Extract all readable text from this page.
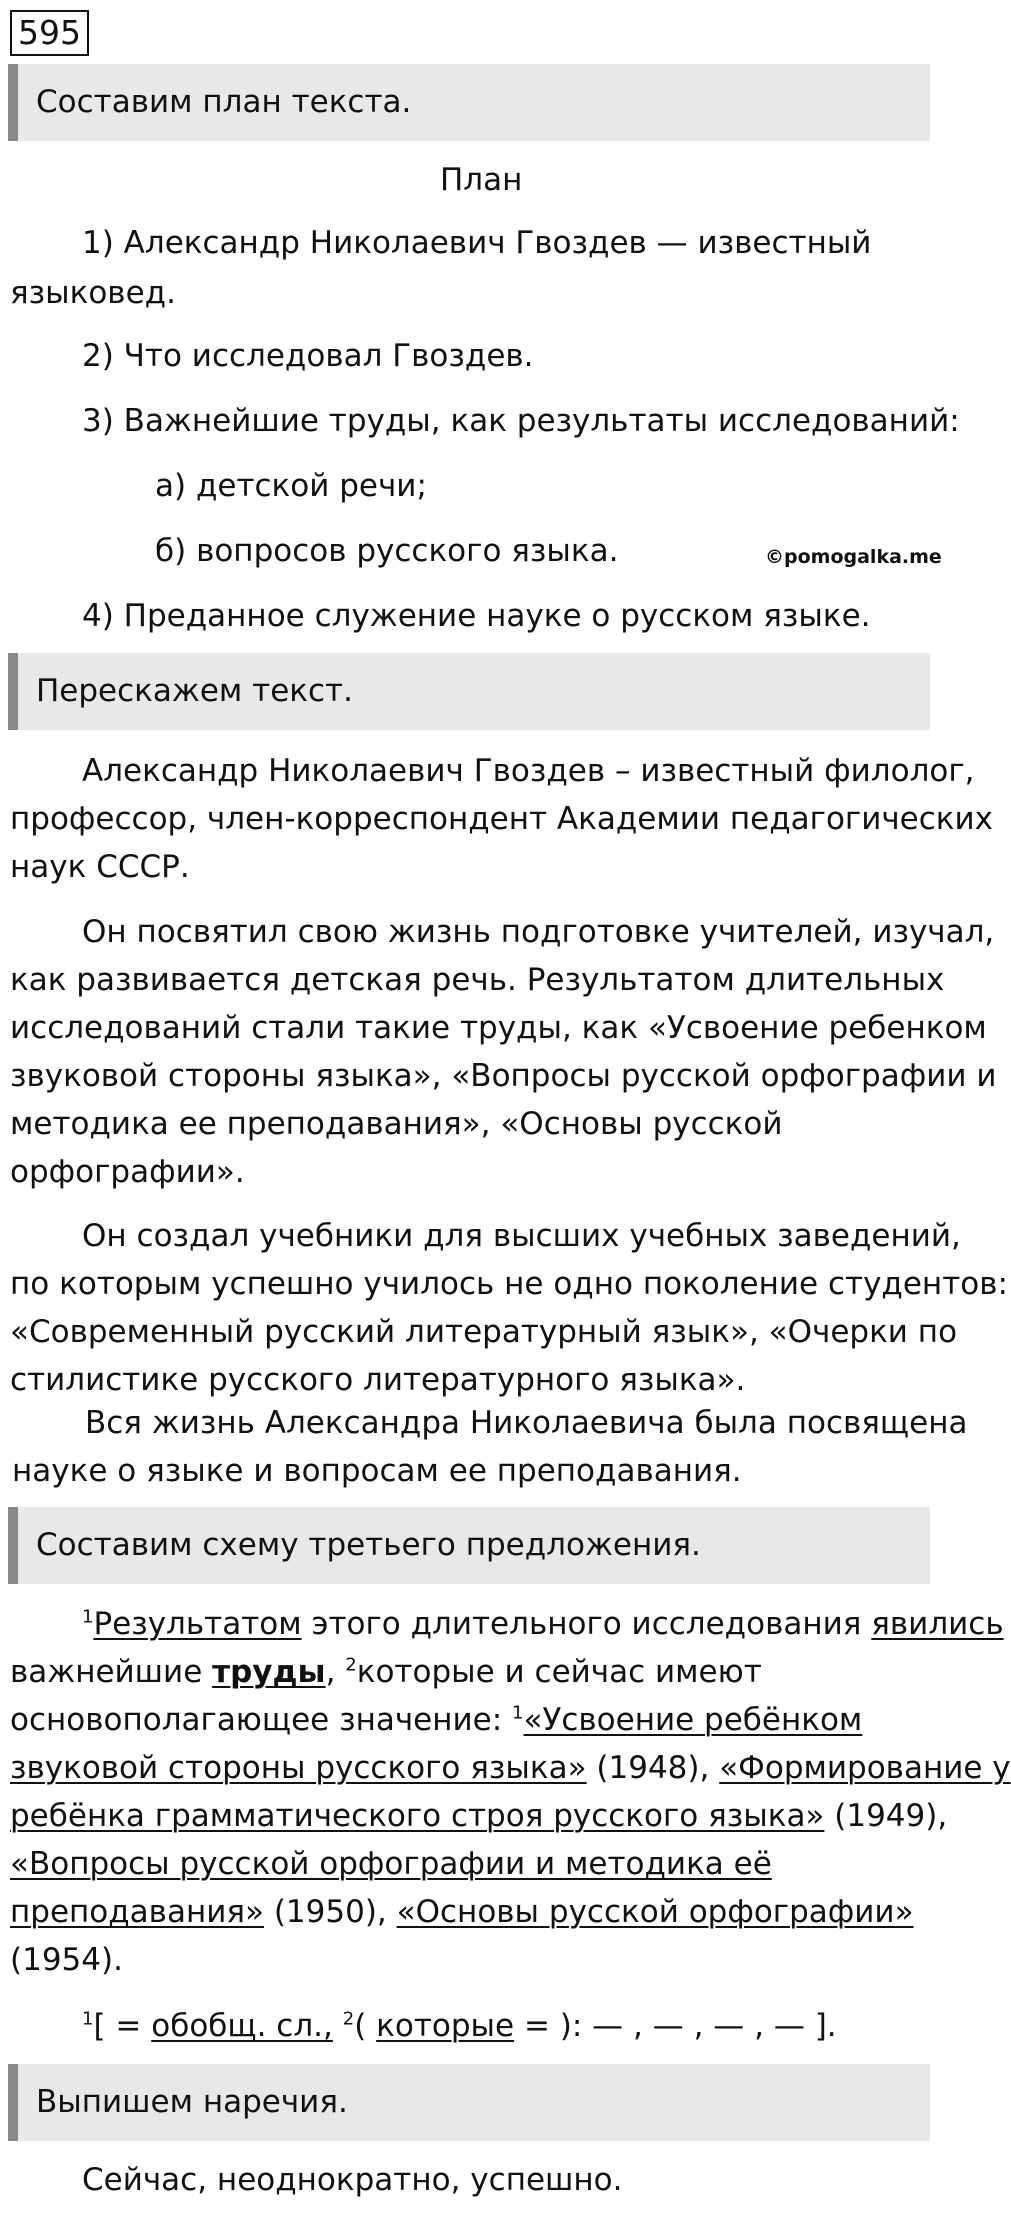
595
Составим план текста.
План
1) Александр Николаевич Гвоздев — известный
языковед.
2) Что исследовал Гвоздев.
3) Важнейшие труды, как результаты исследований:
а) детской речи;
б) вопросов русского языка.	©pomogalka.me
4) Преданное служение науке о русском языке.
Перескажем текст.
Александр Николаевич Гвоздев – известный филолог,
профессор, член-корреспондент Академии педагогических
наук СССР.
Он посвятил свою жизнь подготовке учителей, изучал,
как развивается детская речь. Результатом длительных
исследований стали такие труды, как «Усвоение ребенком
звуковой стороны языка», «Вопросы русской орфографии и
методика ее преподавания», «Основы русской
орфографии».
Он создал учебники для высших учебных заведений,
по которым успешно училось не одно поколение студентов:
«Современный русский литературный язык», «Очерки по
стилистике русского литературного языка».
Вся жизнь Александра Николаевича была посвящена
науке о языке и вопросам ее преподавания.
Составим схему третьего предложения.
$^1$Результатом этого длительного исследования явились
важнейшие труды, $^2$которые и сейчас имеют
основополагающее значение: $^1$«Усвоение ребёнком
звуковой стороны русского языка» (1948), «Формирование у
ребёнка грамматического строя русского языка» (1949),
«Вопросы русской орфографии и методика её
преподавания» (1950), «Основы русской орфографии»
(1954).
$^1$[ = обобщ. сл., $^2$( которые = ): — , — , — , — ].
Выпишем наречия.
Сейчас, неоднократно, успешно.
